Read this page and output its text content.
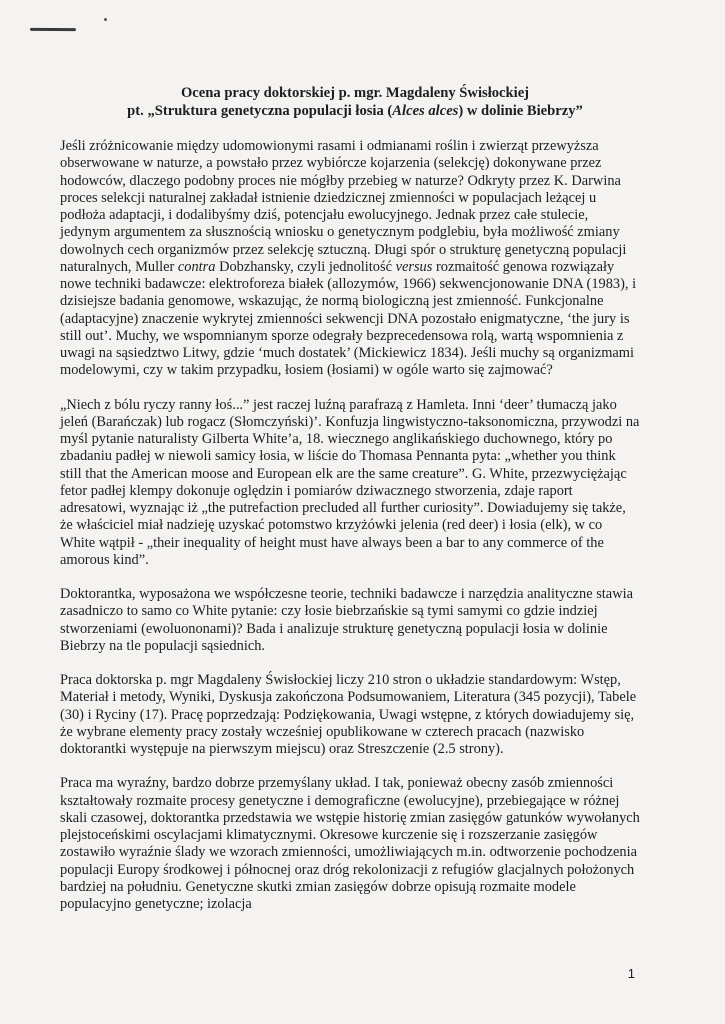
Ocena pracy doktorskiej p. mgr. Magdaleny Świsłockiej
pt. „Struktura genetyczna populacji łosia (Alces alces) w dolinie Biebrzy”

Jeśli zróżnicowanie między udomowionymi rasami i odmianami roślin i zwierząt przewyższa obserwowane w naturze, a powstało przez wybiórcze kojarzenia (selekcję) dokonywane przez hodowców, dlaczego podobny proces nie mógłby przebieg w naturze? Odkryty przez K. Darwina proces selekcji naturalnej zakładał istnienie dziedzicznej zmienności w populacjach leżącej u podłoża adaptacji, i dodalibyśmy dziś, potencjału ewolucyjnego. Jednak przez całe stulecie, jedynym argumentem za słusznością wniosku o genetycznym podglebiu, była możliwość zmiany dowolnych cech organizmów przez selekcję sztuczną. Długi spór o strukturę genetyczną populacji naturalnych, Muller contra Dobzhansky, czyli jednolitość versus rozmaitość genowa rozwiązały nowe techniki badawcze: elektroforeza białek (allozymów, 1966) sekwencjonowanie DNA (1983), i dzisiejsze badania genomowe, wskazując, że normą biologiczną jest zmienność. Funkcjonalne (adaptacyjne) znaczenie wykrytej zmienności sekwencji DNA pozostało enigmatyczne, ‘the jury is still out’. Muchy, we wspomnianym sporze odegrały bezprecedensowa rolą, wartą wspomnienia z uwagi na sąsiedztwo Litwy, gdzie ‘much dostatek’ (Mickiewicz 1834). Jeśli muchy są organizmami modelowymi, czy w takim przypadku, łosiem (łosiami) w ogóle warto się zajmować?

„Niech z bólu ryczy ranny łoś...” jest raczej luźną parafrazą z Hamleta. Inni ‘deer’ tłumaczą jako jeleń (Barańczak) lub rogacz (Słomczyński)’. Konfuzja lingwistyczno-taksonomiczna, przywodzi na myśl pytanie naturalisty Gilberta White’a, 18. wiecznego anglikańskiego duchownego, który po zbadaniu padłej w niewoli samicy łosia, w liście do Thomasa Pennanta pyta: „whether you think still that the American moose and European elk are the same creature”. G. White, przezwyciężając fetor padłej klempy dokonuje oględzin i pomiarów dziwacznego stworzenia, zdaje raport adresatowi, wyznając iż „the putrefaction precluded all further curiosity”. Dowiadujemy się także, że właściciel miał nadzieję uzyskać potomstwo krzyżówki jelenia (red deer) i łosia (elk), w co White wątpił - „their inequality of height must have always been a bar to any commerce of the amorous kind”.

Doktorantka, wyposażona we współczesne teorie, techniki badawcze i narzędzia analityczne stawia zasadniczo to samo co White pytanie: czy łosie biebrzańskie są tymi samymi co gdzie indziej stworzeniami (ewoluononami)? Bada i analizuje strukturę genetyczną populacji łosia w dolinie Biebrzy na tle populacji sąsiednich.

Praca doktorska p. mgr Magdaleny Świsłockiej liczy 210 stron o układzie standardowym: Wstęp, Materiał i metody, Wyniki, Dyskusja zakończona Podsumowaniem, Literatura (345 pozycji), Tabele (30) i Ryciny (17). Pracę poprzedzają: Podziękowania, Uwagi wstępne, z których dowiadujemy się, że wybrane elementy pracy zostały wcześniej opublikowane w czterech pracach (nazwisko doktorantki występuje na pierwszym miejscu) oraz Streszczenie (2.5 strony).

Praca ma wyraźny, bardzo dobrze przemyślany układ. I tak, ponieważ obecny zasób zmienności kształtowały rozmaite procesy genetyczne i demograficzne (ewolucyjne), przebiegające w różnej skali czasowej, doktorantka przedstawia we wstępie historię zmian zasięgów gatunków wywołanych plejstoceńskimi oscylacjami klimatycznymi. Okresowe kurczenie się i rozszerzanie zasięgów zostawiło wyraźnie ślady we wzorach zmienności, umożliwiających m.in. odtworzenie pochodzenia populacji Europy środkowej i północnej oraz dróg rekolonizacji z refugiów glacjalnych położonych bardziej na południu. Genetyczne skutki zmian zasięgów dobrze opisują rozmaite modele populacyjno genetyczne; izolacja

1
